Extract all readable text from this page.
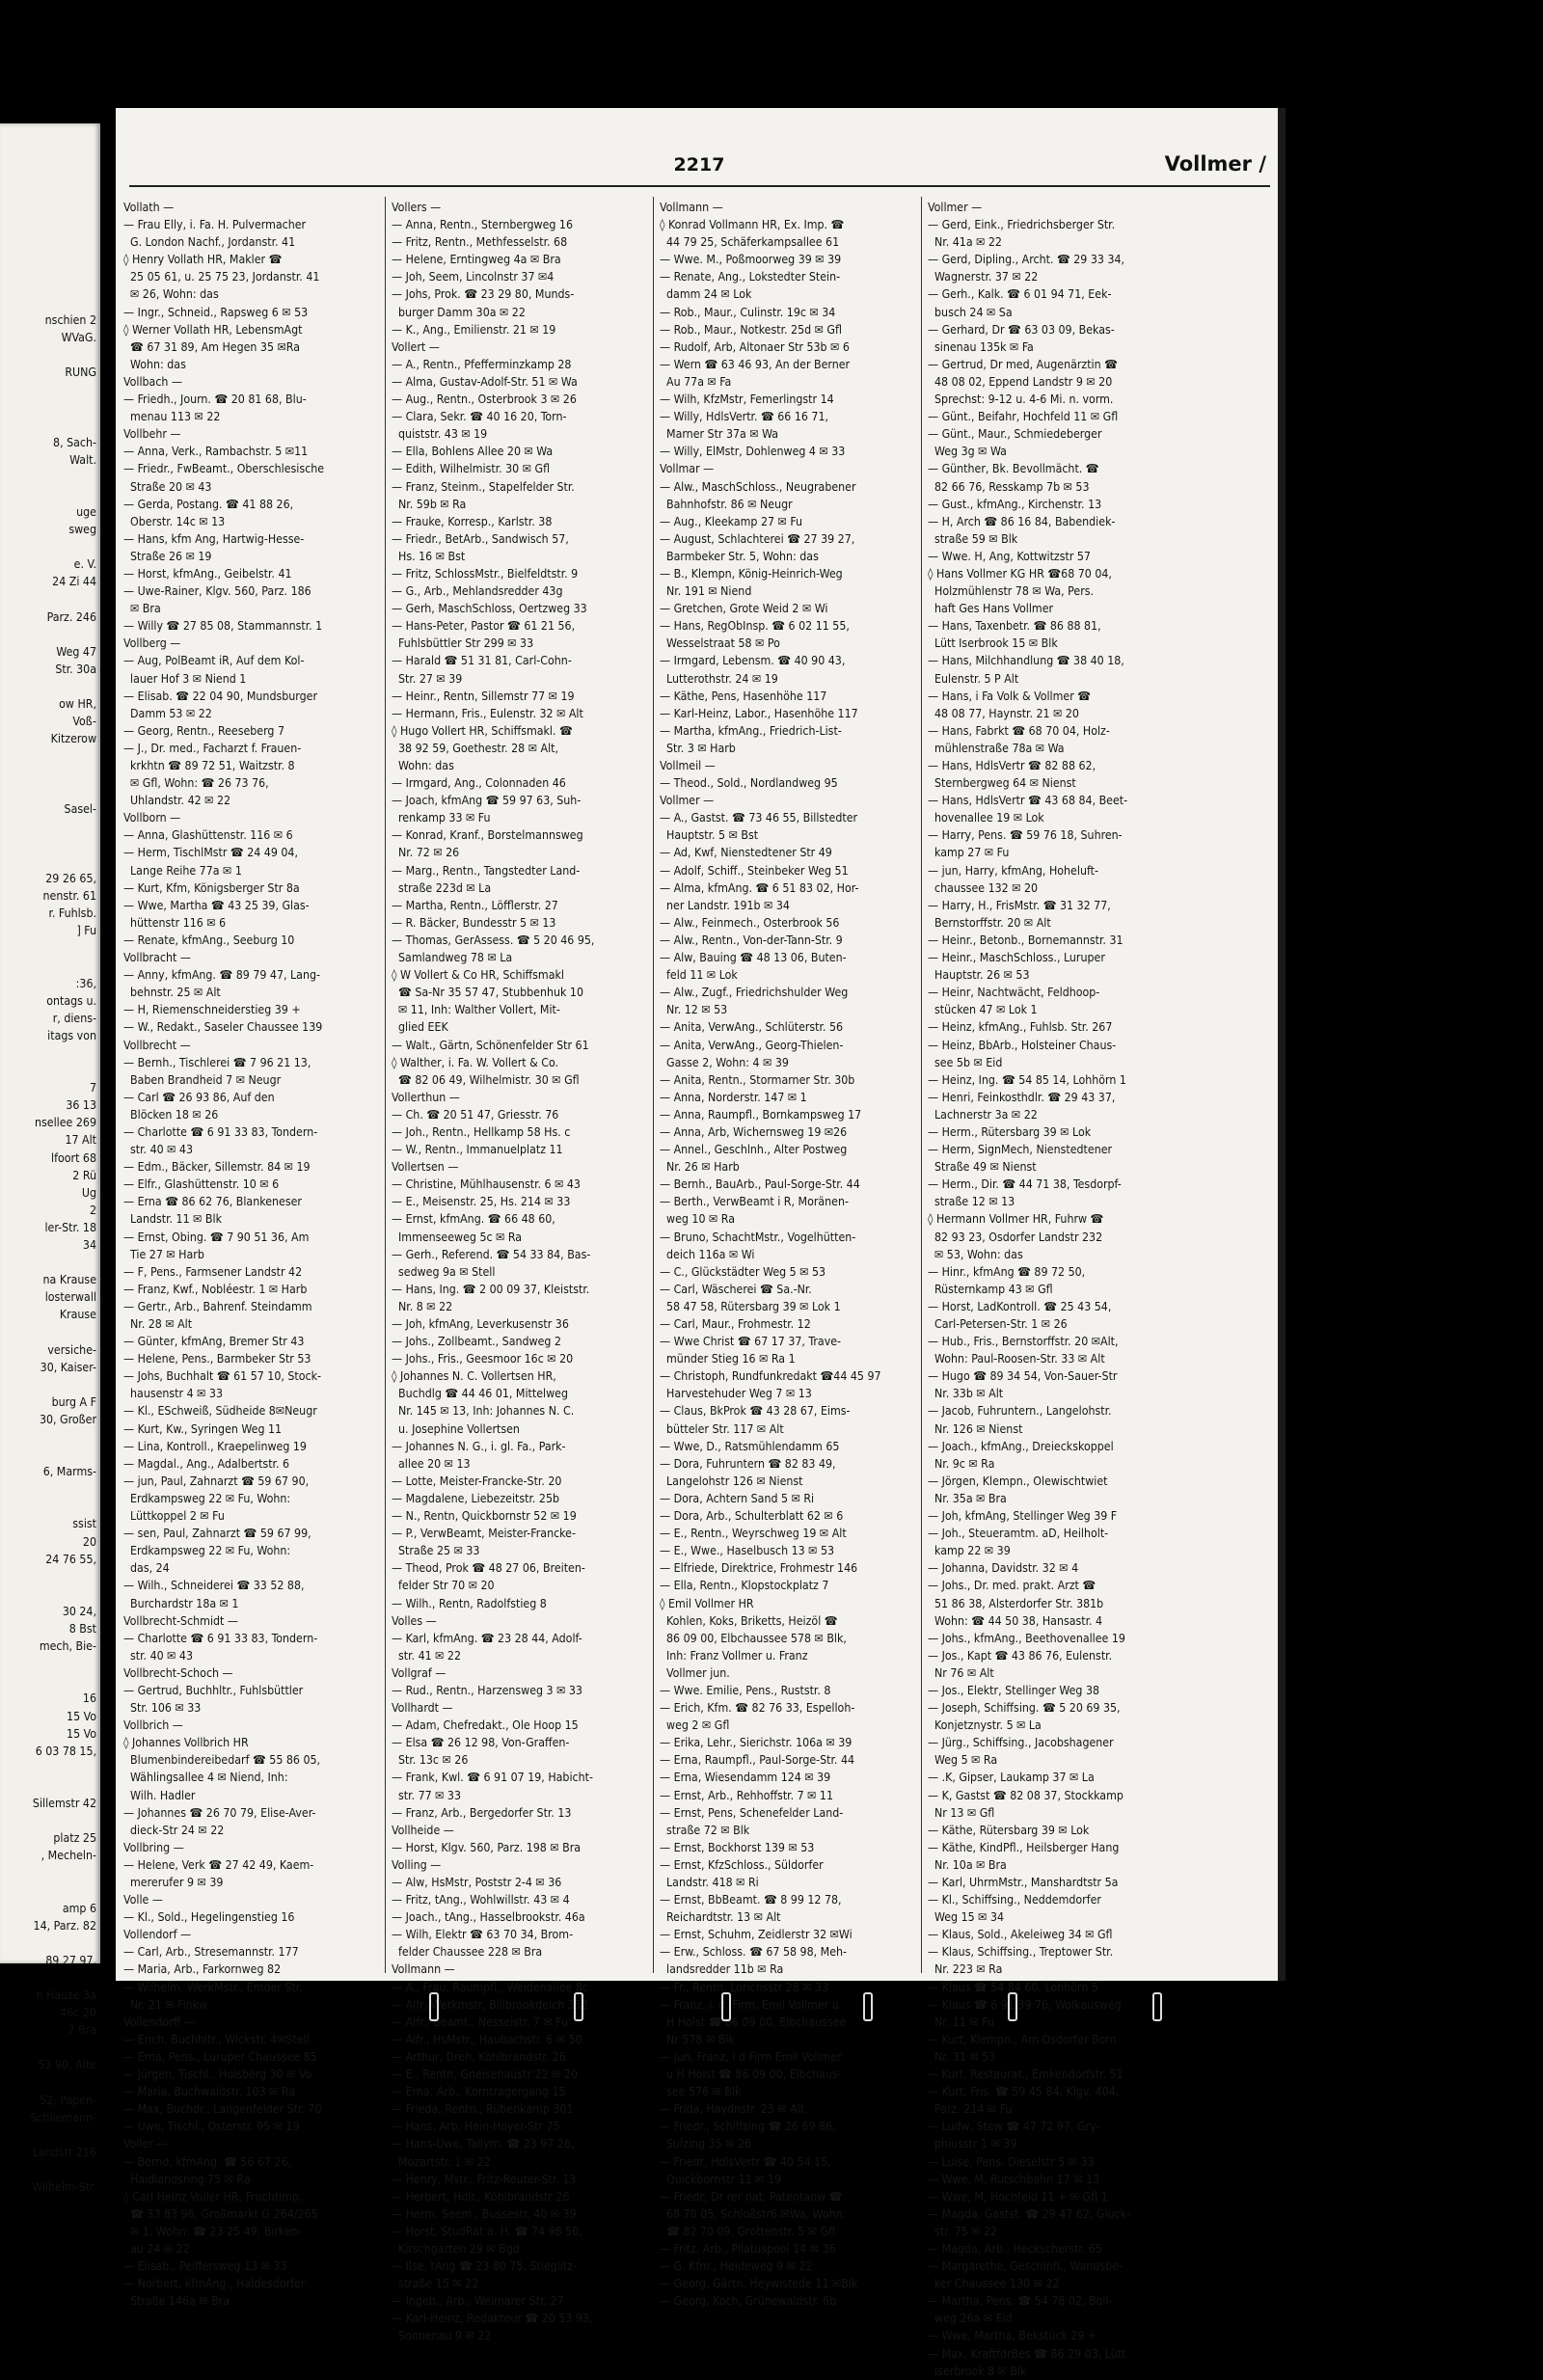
nschien 2
WVaG.

RUNG

8, Sach-
Walt.

uge
sweg

e. V.
24 Zi 44

Parz. 246

Weg 47
Str. 30a

ow HR,
Voß-
Kitzerow

Sasel-

29 26 65,
nenstr. 61
r. Fuhlsb.
] Fu

:36,
ontags u.
r, diens-
itags von

7
36 13
nsellee 269
17 Alt
lfoort 68
2 Rü
Ug
2
ler-Str. 18
34

na Krause
losterwall
Krause

versiche-
30, Kaiser-

burg A F
30, Großer

6, Marms-

ssist
20
24 76 55,

30 24,
8 Bst
mech, Bie-

16
15 Vo
15 Vo
6 03 78 15,

Sillemstr 42

platz 25
, Mecheln-

amp 6
14, Parz. 82

89 27 97.

n Hause 3a
46c 20
7 Bra

53 90, Alte

52, Papen-
Schliemann-

Landstr 216

Wilhelm-Str.
2217	Vollmer /
Vollath —
— Frau Elly, i. Fa. H. Pulvermacher
G. London Nachf., Jordanstr. 41
◊ Henry Vollath HR, Makler ☎
25 05 61, u. 25 75 23, Jordanstr. 41
✉ 26, Wohn: das
— Ingr., Schneid., Rapsweg 6 ✉ 53
◊ Werner Vollath HR, LebensmAgt
☎ 67 31 89, Am Hegen 35 ✉Ra
Wohn: das
Vollbach —
— Friedh., Journ. ☎ 20 81 68, Blu-
menau 113 ✉ 22
Vollbehr —
— Anna, Verk., Rambachstr. 5 ✉11
— Friedr., FwBeamt., Oberschlesische
Straße 20 ✉ 43
— Gerda, Postang. ☎ 41 88 26,
Oberstr. 14c ✉ 13
— Hans, kfm Ang, Hartwig-Hesse-
Straße 26 ✉ 19
— Horst, kfmAng., Geibelstr. 41
— Uwe-Rainer, Klgv. 560, Parz. 186
✉ Bra
— Willy ☎ 27 85 08, Stammannstr. 1
Vollberg —
— Aug, PolBeamt iR, Auf dem Kol-
lauer Hof 3 ✉ Niend 1
— Elisab. ☎ 22 04 90, Mundsburger
Damm 53 ✉ 22
— Georg, Rentn., Reeseberg 7
— J., Dr. med., Facharzt f. Frauen-
krkhtn ☎ 89 72 51, Waitzstr. 8
✉ Gfl, Wohn: ☎ 26 73 76,
Uhlandstr. 42 ✉ 22
Vollborn —
— Anna, Glashüttenstr. 116 ✉ 6
— Herm, TischlMstr ☎ 24 49 04,
Lange Reihe 77a ✉ 1
— Kurt, Kfm, Königsberger Str 8a
— Wwe, Martha ☎ 43 25 39, Glas-
hüttenstr 116 ✉ 6
— Renate, kfmAng., Seeburg 10
Vollbracht —
— Anny, kfmAng. ☎ 89 79 47, Lang-
behnstr. 25 ✉ Alt
— H, Riemenschneiderstieg 39 +
— W., Redakt., Saseler Chaussee 139
Vollbrecht —
— Bernh., Tischlerei ☎ 7 96 21 13,
Baben Brandheid 7 ✉ Neugr
— Carl ☎ 26 93 86, Auf den
Blöcken 18 ✉ 26
— Charlotte ☎ 6 91 33 83, Tondern-
str. 40 ✉ 43
— Edm., Bäcker, Sillemstr. 84 ✉ 19
— Elfr., Glashüttenstr. 10 ✉ 6
— Erna ☎ 86 62 76, Blankeneser
Landstr. 11 ✉ Blk
— Ernst, Obing. ☎ 7 90 51 36, Am
Tie 27 ✉ Harb
— F, Pens., Farmsener Landstr 42
— Franz, Kwf., Nobléestr. 1 ✉ Harb
— Gertr., Arb., Bahrenf. Steindamm
Nr. 28 ✉ Alt
— Günter, kfmAng, Bremer Str 43
— Helene, Pens., Barmbeker Str 53
— Johs, Buchhalt ☎ 61 57 10, Stock-
hausenstr 4 ✉ 33
— Kl., ESchweiß, Südheide 8✉Neugr
— Kurt, Kw., Syringen Weg 11
— Lina, Kontroll., Kraepelinweg 19
— Magdal., Ang., Adalbertstr. 6
— jun, Paul, Zahnarzt ☎ 59 67 90,
Erdkampsweg 22 ✉ Fu, Wohn:
Lüttkoppel 2 ✉ Fu
— sen, Paul, Zahnarzt ☎ 59 67 99,
Erdkampsweg 22 ✉ Fu, Wohn:
das, 24
— Wilh., Schneiderei ☎ 33 52 88,
Burchardstr 18a ✉ 1
Vollbrecht-Schmidt —
— Charlotte ☎ 6 91 33 83, Tondern-
str. 40 ✉ 43
Vollbrecht-Schoch —
— Gertrud, Buchhltr., Fuhlsbüttler
Str. 106 ✉ 33
Vollbrich —
◊ Johannes Vollbrich HR
Blumenbindereibedarf ☎ 55 86 05,
Wählingsallee 4 ✉ Niend, Inh:
Wilh. Hadler
— Johannes ☎ 26 70 79, Elise-Aver-
dieck-Str 24 ✉ 22
Vollbring —
— Helene, Verk ☎ 27 42 49, Kaem-
mererufer 9 ✉ 39
Volle —
— Kl., Sold., Hegelingenstieg 16
Vollendorf —
— Carl, Arb., Stresemannstr. 177
— Maria, Arb., Farkornweg 82
— Wilhelm, WerkMstr., Emder Str.
Nr. 21 ✉ Finkw
Vollendorff —
— Erich, Buchhltr., Wickstr. 4✉Stell
— Erna, Pens., Luruper Chaussee 85
— Jürgen, Tischl., Hoisberg 30 ✉ Vo
— Maria, Buchwaldstr. 103 ✉ Ra
— Max, Buchdr., Langenfelder Str. 70
— Uwe, Tischl., Osterstr. 95 ✉ 19
Voller —
— Bernd, kfmAng. ☎ 56 67 26,
Haidlandsring 75 ✉ Ra
◊ Carl Heinz Voller HR, Fruchtimp.
☎ 33 83 96, Großmarkt G 264/265
✉ 1, Wohn: ☎ 23 25 49, Birken-
au 24 ✉ 22
— Elisab., Peiffersweg 13 ✉ 33
— Norbert, kfmAng., Haldesdorfer
Straße 146a ✉ Bra
Vollers —
— Anna, Rentn., Sternbergweg 16
— Fritz, Rentn., Methfesselstr. 68
— Helene, Erntingweg 4a ✉ Bra
— Joh, Seem, Lincolnstr 37 ✉4
— Johs, Prok. ☎ 23 29 80, Munds-
burger Damm 30a ✉ 22
— K., Ang., Emilienstr. 21 ✉ 19
Vollert —
— A., Rentn., Pfefferminzkamp 28
— Alma, Gustav-Adolf-Str. 51 ✉ Wa
— Aug., Rentn., Osterbrook 3 ✉ 26
— Clara, Sekr. ☎ 40 16 20, Torn-
quiststr. 43 ✉ 19
— Ella, Bohlens Allee 20 ✉ Wa
— Edith, Wilhelmistr. 30 ✉ Gfl
— Franz, Steinm., Stapelfelder Str.
Nr. 59b ✉ Ra
— Frauke, Korresp., Karlstr. 38
— Friedr., BetArb., Sandwisch 57,
Hs. 16 ✉ Bst
— Fritz, SchlossMstr., Bielfeldtstr. 9
— G., Arb., Mehlandsredder 43g
— Gerh, MaschSchloss, Oertzweg 33
— Hans-Peter, Pastor ☎ 61 21 56,
Fuhlsbüttler Str 299 ✉ 33
— Harald ☎ 51 31 81, Carl-Cohn-
Str. 27 ✉ 39
— Heinr., Rentn, Sillemstr 77 ✉ 19
— Hermann, Fris., Eulenstr. 32 ✉ Alt
◊ Hugo Vollert HR, Schiffsmakl. ☎
38 92 59, Goethestr. 28 ✉ Alt,
Wohn: das
— Irmgard, Ang., Colonnaden 46
— Joach, kfmAng ☎ 59 97 63, Suh-
renkamp 33 ✉ Fu
— Konrad, Kranf., Borstelmannsweg
Nr. 72 ✉ 26
— Marg., Rentn., Tangstedter Land-
straße 223d ✉ La
— Martha, Rentn., Löfflerstr. 27
— R. Bäcker, Bundesstr 5 ✉ 13
— Thomas, GerAssess. ☎ 5 20 46 95,
Samlandweg 78 ✉ La
◊ W Vollert & Co HR, Schiffsmakl
☎ Sa-Nr 35 57 47, Stubbenhuk 10
✉ 11, Inh: Walther Vollert, Mit-
glied EEK
— Walt., Gärtn, Schönenfelder Str 61
◊ Walther, i. Fa. W. Vollert & Co.
☎ 82 06 49, Wilhelmistr. 30 ✉ Gfl
Vollerthun —
— Ch. ☎ 20 51 47, Griesstr. 76
— Joh., Rentn., Hellkamp 58 Hs. c
— W., Rentn., Immanuelplatz 11
Vollertsen —
— Christine, Mühlhausenstr. 6 ✉ 43
— E., Meisenstr. 25, Hs. 214 ✉ 33
— Ernst, kfmAng. ☎ 66 48 60,
Immenseeweg 5c ✉ Ra
— Gerh., Referend. ☎ 54 33 84, Bas-
sedweg 9a ✉ Stell
— Hans, Ing. ☎ 2 00 09 37, Kleiststr.
Nr. 8 ✉ 22
— Joh, kfmAng, Leverkusenstr 36
— Johs., Zollbeamt., Sandweg 2
— Johs., Fris., Geesmoor 16c ✉ 20
◊ Johannes N. C. Vollertsen HR,
Buchdlg ☎ 44 46 01, Mittelweg
Nr. 145 ✉ 13, Inh: Johannes N. C.
u. Josephine Vollertsen
— Johannes N. G., i. gl. Fa., Park-
allee 20 ✉ 13
— Lotte, Meister-Francke-Str. 20
— Magdalene, Liebezeitstr. 25b
— N., Rentn, Quickbornstr 52 ✉ 19
— P., VerwBeamt, Meister-Francke-
Straße 25 ✉ 33
— Theod, Prok ☎ 48 27 06, Breiten-
felder Str 70 ✉ 20
— Wilh., Rentn, Radolfstieg 8
Volles —
— Karl, kfmAng. ☎ 23 28 44, Adolf-
str. 41 ✉ 22
Vollgraf —
— Rud., Rentn., Harzensweg 3 ✉ 33
Vollhardt —
— Adam, Chefredakt., Ole Hoop 15
— Elsa ☎ 26 12 98, Von-Graffen-
Str. 13c ✉ 26
— Frank, Kwl. ☎ 6 91 07 19, Habicht-
str. 77 ✉ 33
— Franz, Arb., Bergedorfer Str. 13
Vollheide —
— Horst, Klgv. 560, Parz. 198 ✉ Bra
Volling —
— Alw, HsMstr, Poststr 2-4 ✉ 36
— Fritz, tAng., Wohlwillstr. 43 ✉ 4
— Joach., tAng., Hasselbrookstr. 46a
— Wilh, Elektr ☎ 63 70 34, Brom-
felder Chaussee 228 ✉ Bra
Vollmann —
— A., Frau, Raumpfl., Weidenallee 8c
— Alfr, Werkmstr, Billbrookdeich 352
— Alfr., Beamt., Nesselstr. 7 ✉ Fu
— Alfr., HsMstr., Haubachstr. 6 ✉ 50
— Arthur, Dreh, Köhlbrandstr. 26
— E., Rentn, Gneisenaustr 22 ✉ 20
— Erna, Arb., Korntragergang 15
— Frieda, Rentn., Rübenkamp 301
— Hans, Arb, Hein-Hoyer-Str 75
— Hans-Uwe, Tallym. ☎ 23 97 26,
Mozartstr. 1 ✉ 22
— Henry, Mstr., Fritz-Reuter-Str. 13
— Herbert, Hdlr., Köhlbrandstr 26
— Herm, Seem., Bussestr. 40 ✉ 39
— Horst, StudRat a. H. ☎ 74 98 50,
Kirschgarten 29 ✉ Bgd
— Ilse, tAng ☎ 23 80 75, Stieglitz-
straße 15 ✉ 22
— Ingeb., Arb., Weimarer Str. 27
— Karl-Heinz, Redakteur ☎ 20 53 93,
Sonnenau 9 ✉ 22
Vollmann —
◊ Konrad Vollmann HR, Ex. Imp. ☎
44 79 25, Schäferkampsallee 61
— Wwe. M., Poßmoorweg 39 ✉ 39
— Renate, Ang., Lokstedter Stein-
damm 24 ✉ Lok
— Rob., Maur., Culinstr. 19c ✉ 34
— Rob., Maur., Notkestr. 25d ✉ Gfl
— Rudolf, Arb, Altonaer Str 53b ✉ 6
— Wern ☎ 63 46 93, An der Berner
Au 77a ✉ Fa
— Wilh, KfzMstr, Femerlingstr 14
— Willy, HdlsVertr. ☎ 66 16 71,
Marner Str 37a ✉ Wa
— Willy, ElMstr, Dohlenweg 4 ✉ 33
Vollmar —
— Alw., MaschSchloss., Neugrabener
Bahnhofstr. 86 ✉ Neugr
— Aug., Kleekamp 27 ✉ Fu
— August, Schlachterei ☎ 27 39 27,
Barmbeker Str. 5, Wohn: das
— B., Klempn, König-Heinrich-Weg
Nr. 191 ✉ Niend
— Gretchen, Grote Weid 2 ✉ Wi
— Hans, RegObInsp. ☎ 6 02 11 55,
Wesselstraat 58 ✉ Po
— Irmgard, Lebensm. ☎ 40 90 43,
Lutterothstr. 24 ✉ 19
— Käthe, Pens, Hasenhöhe 117
— Karl-Heinz, Labor., Hasenhöhe 117
— Martha, kfmAng., Friedrich-List-
Str. 3 ✉ Harb
Vollmeil —
— Theod., Sold., Nordlandweg 95
Vollmer —
— A., Gastst. ☎ 73 46 55, Billstedter
Hauptstr. 5 ✉ Bst
— Ad, Kwf, Nienstedtener Str 49
— Adolf, Schiff., Steinbeker Weg 51
— Alma, kfmAng. ☎ 6 51 83 02, Hor-
ner Landstr. 191b ✉ 34
— Alw., Feinmech., Osterbrook 56
— Alw., Rentn., Von-der-Tann-Str. 9
— Alw, Bauing ☎ 48 13 06, Buten-
feld 11 ✉ Lok
— Alw., Zugf., Friedrichshulder Weg
Nr. 12 ✉ 53
— Anita, VerwAng., Schlüterstr. 56
— Anita, VerwAng., Georg-Thielen-
Gasse 2, Wohn: 4 ✉ 39
— Anita, Rentn., Stormarner Str. 30b
— Anna, Norderstr. 147 ✉ 1
— Anna, Raumpfl., Bornkampsweg 17
— Anna, Arb, Wichernsweg 19 ✉26
— Annel., Geschlnh., Alter Postweg
Nr. 26 ✉ Harb
— Bernh., BauArb., Paul-Sorge-Str. 44
— Berth., VerwBeamt i R, Moränen-
weg 10 ✉ Ra
— Bruno, SchachtMstr., Vogelhütten-
deich 116a ✉ Wi
— C., Glückstädter Weg 5 ✉ 53
— Carl, Wäscherei ☎ Sa.-Nr.
58 47 58, Rütersbarg 39 ✉ Lok 1
— Carl, Maur., Frohmestr. 12
— Wwe Christ ☎ 67 17 37, Trave-
münder Stieg 16 ✉ Ra 1
— Christoph, Rundfunkredakt ☎44 45 97
Harvestehuder Weg 7 ✉ 13
— Claus, BkProk ☎ 43 28 67, Eims-
bütteler Str. 117 ✉ Alt
— Wwe, D., Ratsmühlendamm 65
— Dora, Fuhruntern ☎ 82 83 49,
Langelohstr 126 ✉ Nienst
— Dora, Achtern Sand 5 ✉ Ri
— Dora, Arb., Schulterblatt 62 ✉ 6
— E., Rentn., Weyrschweg 19 ✉ Alt
— E., Wwe., Haselbusch 13 ✉ 53
— Elfriede, Direktrice, Frohmestr 146
— Ella, Rentn., Klopstockplatz 7
◊ Emil Vollmer HR
Kohlen, Koks, Briketts, Heizöl ☎
86 09 00, Elbchaussee 578 ✉ Blk,
Inh: Franz Vollmer u. Franz
Vollmer jun.
— Wwe. Emilie, Pens., Ruststr. 8
— Erich, Kfm. ☎ 82 76 33, Espelloh-
weg 2 ✉ Gfl
— Erika, Lehr., Sierichstr. 106a ✉ 39
— Erna, Raumpfl., Paul-Sorge-Str. 44
— Erna, Wiesendamm 124 ✉ 39
— Ernst, Arb., Rehhoffstr. 7 ✉ 11
— Ernst, Pens, Schenefelder Land-
straße 72 ✉ Blk
— Ernst, Bockhorst 139 ✉ 53
— Ernst, KfzSchloss., Süldorfer
Landstr. 418 ✉ Ri
— Ernst, BbBeamt. ☎ 8 99 12 78,
Reichardtstr. 13 ✉ Alt
— Ernst, Schuhm, Zeidlerstr 32 ✉Wi
— Erw., Schloss. ☎ 67 58 98, Meh-
landsredder 11b ✉ Ra
— Fr., Rentn, Lorichsstr 28 ✉ 33
— Franz, i. d. Firm. Emil Vollmer u.
H Holst ☎ 86 09 00, Elbchaussee
Nr 578 ✉ Blk
— jun, Franz, i d Firm Emil Vollmer
u H Holst ☎ 86 09 00, Elbchaus-
see 576 ✉ Blk
— Frida, Haydnstr. 23 ✉ Alt
— Friedr., Schiffsing ☎ 26 69 86,
Sulzing 35 ✉ 26
— Friedr, HdlsVertr ☎ 40 54 15,
Quickbornstr 11 ✉ 19
— Friedr, Dr rer nat, Patentanw ☎
68 70 05, Schloßstr6 ✉Wa, Wohn:
☎ 82 70 09, Grottenstr. 5 ✉ Gfl
— Fritz, Arb., Pilatuspool 14 ✉ 36
— G. Kfm., Heideweg 9 ✉ 22
— Georg, Gärtn, Heywistede 11 ✉Blk
— Georg, Koch, Grünewaldstr. 6b
Vollmer —
— Gerd, Eink., Friedrichsberger Str.
Nr. 41a ✉ 22
— Gerd, Dipling., Archt. ☎ 29 33 34,
Wagnerstr. 37 ✉ 22
— Gerh., Kalk. ☎ 6 01 94 71, Eek-
busch 24 ✉ Sa
— Gerhard, Dr ☎ 63 03 09, Bekas-
sinenau 135k ✉ Fa
— Gertrud, Dr med, Augenärztin ☎
48 08 02, Eppend Landstr 9 ✉ 20
Sprechst: 9-12 u. 4-6 Mi. n. vorm.
— Günt., Beifahr, Hochfeld 11 ✉ Gfl
— Günt., Maur., Schmiedeberger
Weg 3g ✉ Wa
— Günther, Bk. Bevollmächt. ☎
82 66 76, Resskamp 7b ✉ 53
— Gust., kfmAng., Kirchenstr. 13
— H, Arch ☎ 86 16 84, Babendiek-
straße 59 ✉ Blk
— Wwe. H, Ang, Kottwitzstr 57
◊ Hans Vollmer KG HR ☎68 70 04,
Holzmühlenstr 78 ✉ Wa, Pers.
haft Ges Hans Vollmer
— Hans, Taxenbetr. ☎ 86 88 81,
Lütt Iserbrook 15 ✉ Blk
— Hans, Milchhandlung ☎ 38 40 18,
Eulenstr. 5 P Alt
— Hans, i Fa Volk & Vollmer ☎
48 08 77, Haynstr. 21 ✉ 20
— Hans, Fabrkt ☎ 68 70 04, Holz-
mühlenstraße 78a ✉ Wa
— Hans, HdlsVertr ☎ 82 88 62,
Sternbergweg 64 ✉ Nienst
— Hans, HdlsVertr ☎ 43 68 84, Beet-
hovenallee 19 ✉ Lok
— Harry, Pens. ☎ 59 76 18, Suhren-
kamp 27 ✉ Fu
— jun, Harry, kfmAng, Hoheluft-
chaussee 132 ✉ 20
— Harry, H., FrisMstr. ☎ 31 32 77,
Bernstorffstr. 20 ✉ Alt
— Heinr., Betonb., Bornemannstr. 31
— Heinr., MaschSchloss., Luruper
Hauptstr. 26 ✉ 53
— Heinr, Nachtwächt, Feldhoop-
stücken 47 ✉ Lok 1
— Heinz, kfmAng., Fuhlsb. Str. 267
— Heinz, BbArb., Holsteiner Chaus-
see 5b ✉ Eid
— Heinz, Ing. ☎ 54 85 14, Lohhörn 1
— Henri, Feinkosthdlr. ☎ 29 43 37,
Lachnerstr 3a ✉ 22
— Herm., Rütersbarg 39 ✉ Lok
— Herm, SignMech, Nienstedtener
Straße 49 ✉ Nienst
— Herm., Dir. ☎ 44 71 38, Tesdorpf-
straße 12 ✉ 13
◊ Hermann Vollmer HR, Fuhrw ☎
82 93 23, Osdorfer Landstr 232
✉ 53, Wohn: das
— Hinr., kfmAng ☎ 89 72 50,
Rüsternkamp 43 ✉ Gfl
— Horst, LadKontroll. ☎ 25 43 54,
Carl-Petersen-Str. 1 ✉ 26
— Hub., Fris., Bernstorffstr. 20 ✉Alt,
Wohn: Paul-Roosen-Str. 33 ✉ Alt
— Hugo ☎ 89 34 54, Von-Sauer-Str
Nr. 33b ✉ Alt
— Jacob, Fuhruntern., Langelohstr.
Nr. 126 ✉ Nienst
— Joach., kfmAng., Dreieckskoppel
Nr. 9c ✉ Ra
— Jörgen, Klempn., Olewischtwiet
Nr. 35a ✉ Bra
— Joh, kfmAng, Stellinger Weg 39 F
— Joh., Steueramtm. aD, Heilholt-
kamp 22 ✉ 39
— Johanna, Davidstr. 32 ✉ 4
— Johs., Dr. med. prakt. Arzt ☎
51 86 38, Alsterdorfer Str. 381b
Wohn: ☎ 44 50 38, Hansastr. 4
— Johs., kfmAng., Beethovenallee 19
— Jos., Kapt ☎ 43 86 76, Eulenstr.
Nr 76 ✉ Alt
— Jos., Elektr, Stellinger Weg 38
— Joseph, Schiffsing. ☎ 5 20 69 35,
Konjetznystr. 5 ✉ La
— Jürg., Schiffsing., Jacobshagener
Weg 5 ✉ Ra
— .K, Gipser, Laukamp 37 ✉ La
— K, Gastst ☎ 82 08 37, Stockkamp
Nr 13 ✉ Gfl
— Käthe, Rütersbarg 39 ✉ Lok
— Käthe, KindPfl., Heilsberger Hang
Nr. 10a ✉ Bra
— Karl, UhrmMstr., Manshardtstr 5a
— Kl., Schiffsing., Neddemdorfer
Weg 15 ✉ 34
— Klaus, Sold., Akeleiweg 34 ✉ Gfl
— Klaus, Schiffsing., Treptower Str.
Nr. 223 ✉ Ra
— Klaus ☎ 54 84 60, Lohhörn 5
— Klaus ☎ 6 91 39 76, Wolkausweg
Nr. 11 ✉ Fu
— Kurt, Klempn., Am Osdorfer Born
Nr. 31 ✉ 53
— Kurt, Restaurat., Emkendorfstr. 51
— Kurt, Fris. ☎ 59 45 84, Klgv. 404,
Parz. 214 ✉ Fu
— Ludw, Stew ☎ 47 72 97, Gry-
phiusstr 1 ✉ 39
— Luise, Pens. Dieselstr 5 ✉ 33
— Wwe, M, Rutschbahn 17 ✉ 13
— Wwe, M, Hochfeld 11 + ✉ Gfl 1
— Magda, Gastst. ☎ 29 47 62, Gluck-
str. 75 ✉ 22
— Magda, Arb., Heckscherstr. 65
— Margarethe, GeschInh., Wandsbe-
ker Chaussee 130 ✉ 22
— Martha, Pens. ☎ 54 78 02, Boll-
weg 26a ✉ Eid
— Wwe, Martha, Bekstück 29 +
— Max, KraftfdrBes ☎ 86 29 03, Lütt
Iserbrook 8 ✉ Blk
